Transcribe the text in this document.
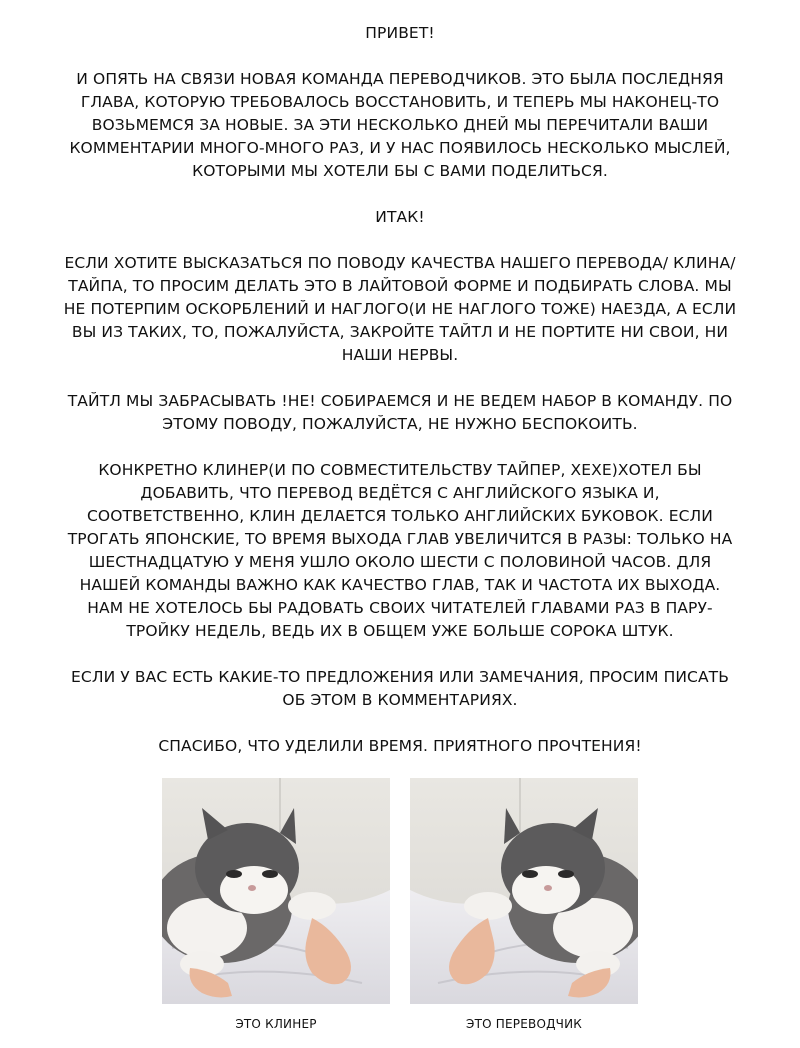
ПРИВЕТ!

И ОПЯТЬ НА СВЯЗИ НОВАЯ КОМАНДА ПЕРЕВОДЧИКОВ. ЭТО БЫЛА ПОСЛЕДНЯЯ ГЛАВА, КОТОРУЮ ТРЕБОВАЛОСЬ ВОССТАНОВИТЬ, И ТЕПЕРЬ МЫ НАКОНЕЦ-ТО ВОЗЬМЕМСЯ ЗА НОВЫЕ. ЗА ЭТИ НЕСКОЛЬКО ДНЕЙ МЫ ПЕРЕЧИТАЛИ ВАШИ КОММЕНТАРИИ МНОГО-МНОГО РАЗ, И У НАС ПОЯВИЛОСЬ НЕСКОЛЬКО МЫСЛЕЙ, КОТОРЫМИ МЫ ХОТЕЛИ БЫ С ВАМИ ПОДЕЛИТЬСЯ.

ИТАК!

ЕСЛИ ХОТИТЕ ВЫСКАЗАТЬСЯ ПО ПОВОДУ КАЧЕСТВА НАШЕГО ПЕРЕВОДА/ КЛИНА/ТАЙПА, ТО ПРОСИМ ДЕЛАТЬ ЭТО В ЛАЙТОВОЙ ФОРМЕ И ПОДБИРАТЬ СЛОВА. МЫ НЕ ПОТЕРПИМ ОСКОРБЛЕНИЙ И НАГЛОГО(И НЕ НАГЛОГО ТОЖЕ) НАЕЗДА, А ЕСЛИ ВЫ ИЗ ТАКИХ, ТО, ПОЖАЛУЙСТА, ЗАКРОЙТЕ ТАЙТЛ И НЕ ПОРТИТЕ НИ СВОИ, НИ НАШИ НЕРВЫ.

ТАЙТЛ МЫ ЗАБРАСЫВАТЬ !НЕ! СОБИРАЕМСЯ И НЕ ВЕДЕМ НАБОР В КОМАНДУ. ПО ЭТОМУ ПОВОДУ, ПОЖАЛУЙСТА, НЕ НУЖНО БЕСПОКОИТЬ.

КОНКРЕТНО КЛИНЕР(И ПО СОВМЕСТИТЕЛЬСТВУ ТАЙПЕР, ХЕХЕ)ХОТЕЛ БЫ ДОБАВИТЬ, ЧТО ПЕРЕВОД ВЕДЁТСЯ С АНГЛИЙСКОГО ЯЗЫКА И, СООТВЕТСТВЕННО, КЛИН ДЕЛАЕТСЯ ТОЛЬКО АНГЛИЙСКИХ БУКОВОК. ЕСЛИ ТРОГАТЬ ЯПОНСКИЕ, ТО ВРЕМЯ ВЫХОДА ГЛАВ УВЕЛИЧИТСЯ В РАЗЫ: ТОЛЬКО НА ШЕСТНАДЦАТУЮ У МЕНЯ УШЛО ОКОЛО ШЕСТИ С ПОЛОВИНОЙ ЧАСОВ. ДЛЯ НАШЕЙ КОМАНДЫ ВАЖНО КАК КАЧЕСТВО ГЛАВ, ТАК И ЧАСТОТА ИХ ВЫХОДА. НАМ НЕ ХОТЕЛОСЬ БЫ РАДОВАТЬ СВОИХ ЧИТАТЕЛЕЙ ГЛАВАМИ РАЗ В ПАРУ-ТРОЙКУ НЕДЕЛЬ, ВЕДЬ ИХ В ОБЩЕМ УЖЕ БОЛЬШЕ СОРОКА ШТУК.

ЕСЛИ У ВАС ЕСТЬ КАКИЕ-ТО ПРЕДЛОЖЕНИЯ ИЛИ ЗАМЕЧАНИЯ, ПРОСИМ ПИСАТЬ ОБ ЭТОМ В КОММЕНТАРИЯХ.

СПАСИБО, ЧТО УДЕЛИЛИ ВРЕМЯ. ПРИЯТНОГО ПРОЧТЕНИЯ!

ЭТО КЛИНЕР	ЭТО ПЕРЕВОДЧИК
